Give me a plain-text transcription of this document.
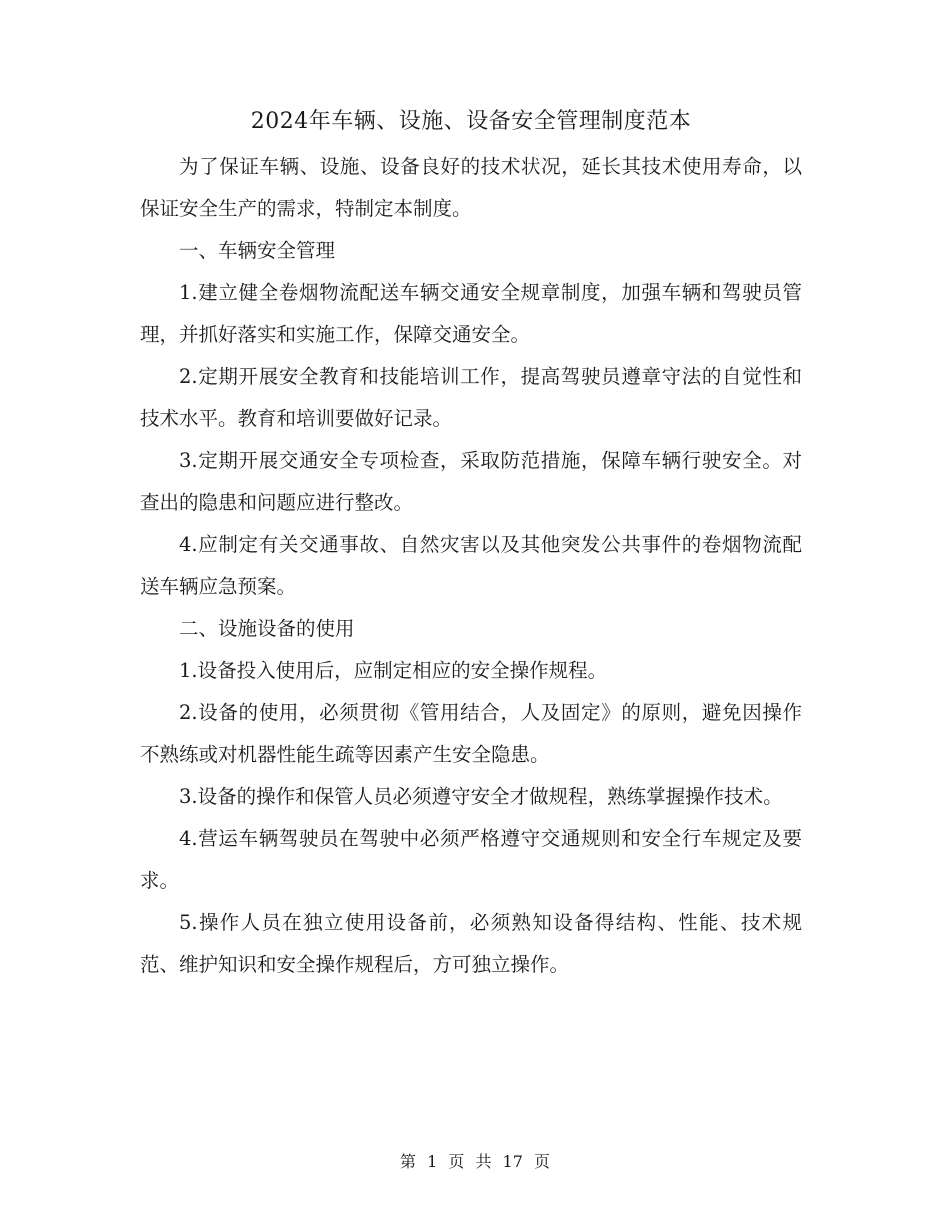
2024年车辆、设施、设备安全管理制度范本

为了保证车辆、设施、设备良好的技术状况，延长其技术使用寿命，以保证安全生产的需求，特制定本制度。

一、车辆安全管理

1.建立健全卷烟物流配送车辆交通安全规章制度，加强车辆和驾驶员管理，并抓好落实和实施工作，保障交通安全。

2.定期开展安全教育和技能培训工作，提高驾驶员遵章守法的自觉性和技术水平。教育和培训要做好记录。

3.定期开展交通安全专项检查，采取防范措施，保障车辆行驶安全。对查出的隐患和问题应进行整改。

4.应制定有关交通事故、自然灾害以及其他突发公共事件的卷烟物流配送车辆应急预案。

二、设施设备的使用

1.设备投入使用后，应制定相应的安全操作规程。

2.设备的使用，必须贯彻《管用结合，人及固定》的原则，避免因操作不熟练或对机器性能生疏等因素产生安全隐患。

3.设备的操作和保管人员必须遵守安全才做规程，熟练掌握操作技术。

4.营运车辆驾驶员在驾驶中必须严格遵守交通规则和安全行车规定及要求。

5.操作人员在独立使用设备前，必须熟知设备得结构、性能、技术规范、维护知识和安全操作规程后，方可独立操作。

第 1 页 共 17 页
